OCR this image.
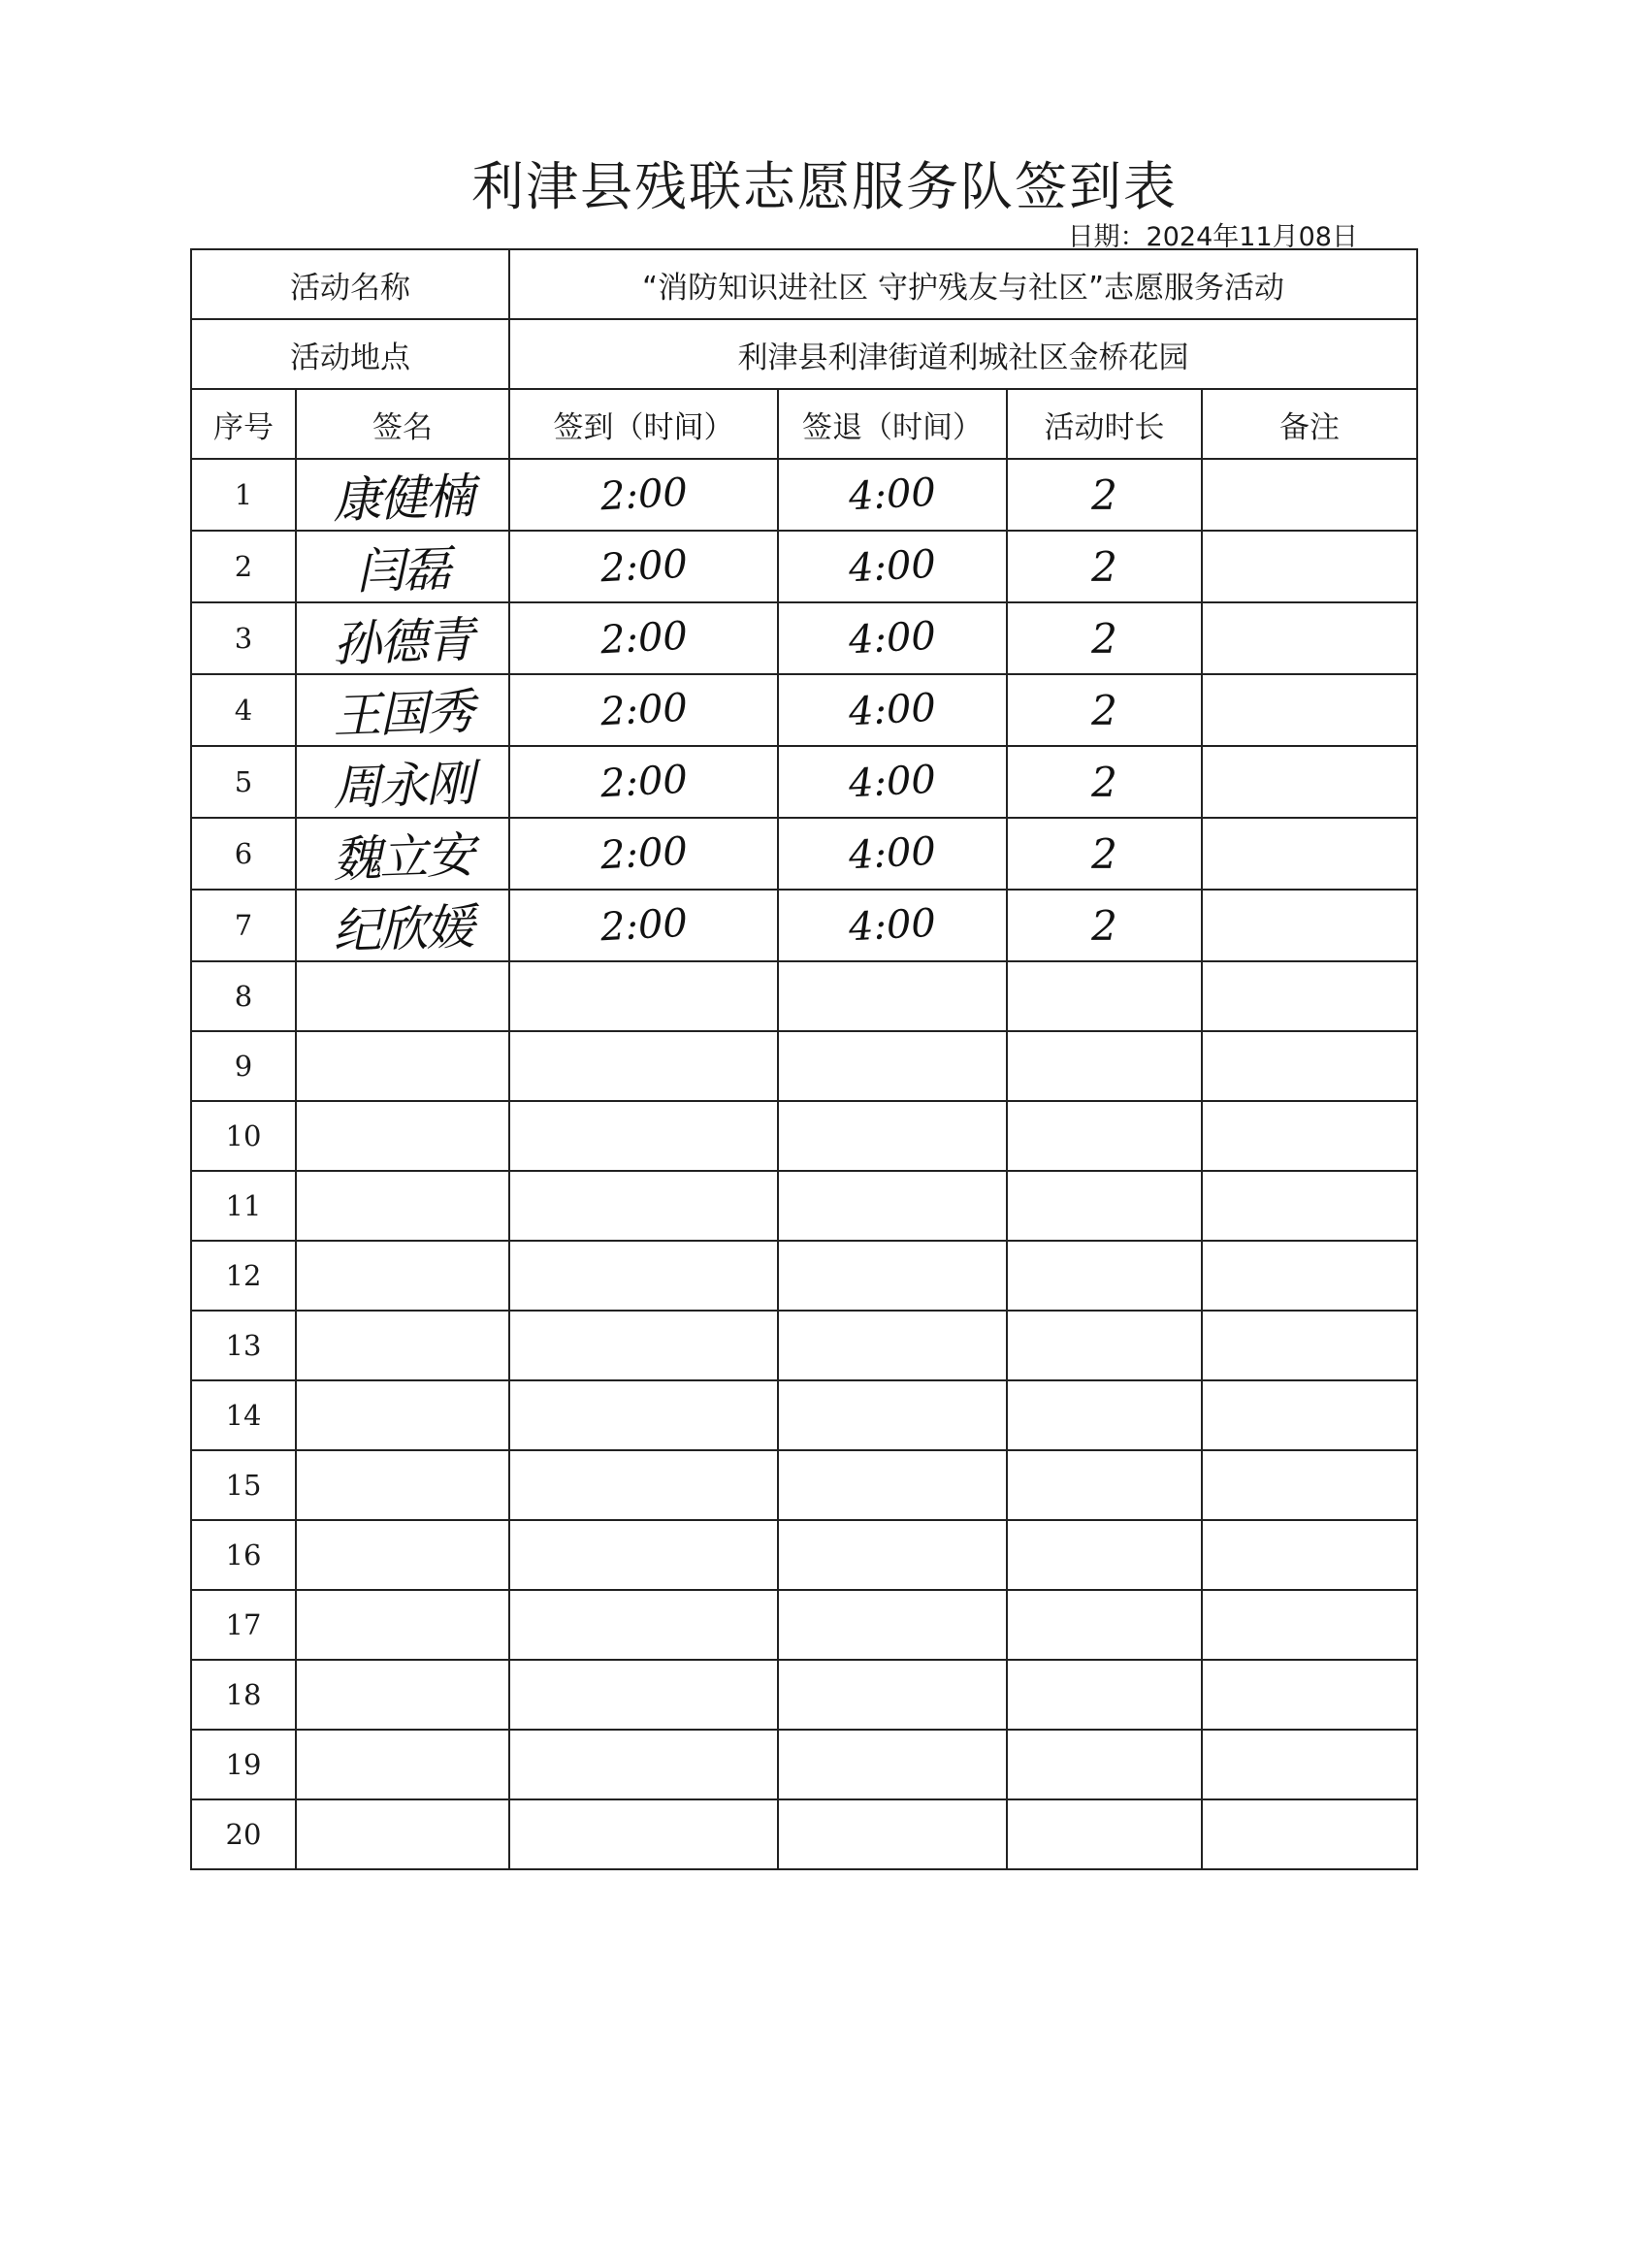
利津县残联志愿服务队签到表
日期：2024年11月08日
活动名称		“消防知识进社区 守护残友与社区”志愿服务活动			
活动地点		利津县利津街道利城社区金桥花园			
序号	签名	签到（时间）	签退（时间）	活动时长	备注
1	康健楠	2:00	4:00	2	
2	闫磊	2:00	4:00	2	
3	孙德青	2:00	4:00	2	
4	王国秀	2:00	4:00	2	
5	周永刚	2:00	4:00	2	
6	魏立安	2:00	4:00	2	
7	纪欣媛	2:00	4:00	2	
8					
9					
10					
11					
12					
13					
14					
15					
16					
17					
18					
19					
20					
